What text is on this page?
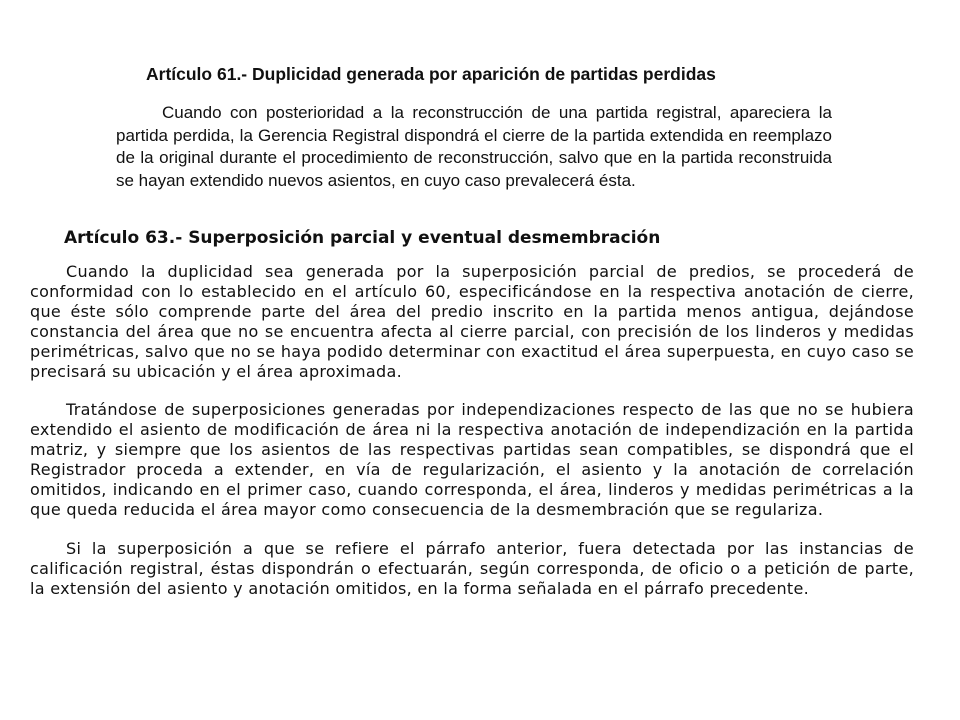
Artículo 61.- Duplicidad generada por aparición de partidas perdidas

Cuando con posterioridad a la reconstrucción de una partida registral, apareciera la partida perdida, la Gerencia Registral dispondrá el cierre de la partida extendida en reemplazo de la original durante el procedimiento de reconstrucción, salvo que en la partida reconstruida se hayan extendido nuevos asientos, en cuyo caso prevalecerá ésta.

Artículo 63.- Superposición parcial y eventual desmembración

Cuando la duplicidad sea generada por la superposición parcial de predios, se procederá de conformidad con lo establecido en el artículo 60, especificándose en la respectiva anotación de cierre, que éste sólo comprende parte del área del predio inscrito en la partida menos antigua, dejándose constancia del área que no se encuentra afecta al cierre parcial, con precisión de los linderos y medidas perimétricas, salvo que no se haya podido determinar con exactitud el área superpuesta, en cuyo caso se precisará su ubicación y el área aproximada.

Tratándose de superposiciones generadas por independizaciones respecto de las que no se hubiera extendido el asiento de modificación de área ni la respectiva anotación de independización en la partida matriz, y siempre que los asientos de las respectivas partidas sean compatibles, se dispondrá que el Registrador proceda a extender, en vía de regularización, el asiento y la anotación de correlación omitidos, indicando en el primer caso, cuando corresponda, el área, linderos y medidas perimétricas a la que queda reducida el área mayor como consecuencia de la desmembración que se regulariza.

Si la superposición a que se refiere el párrafo anterior, fuera detectada por las instancias de calificación registral, éstas dispondrán o efectuarán, según corresponda, de oficio o a petición de parte, la extensión del asiento y anotación omitidos, en la forma señalada en el párrafo precedente.
